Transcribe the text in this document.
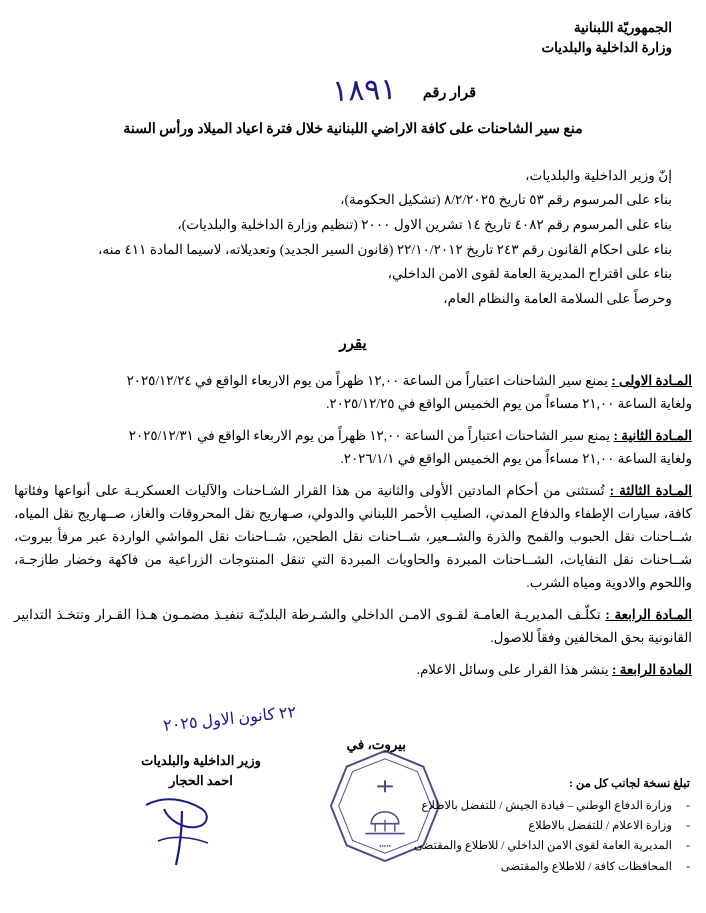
الجمهوريّة اللبنانية
وزارة الداخلية والبلديات
قرار رقم
١٨٩١
منع سير الشاحنات على كافة الاراضي اللبنانية خلال فترة اعياد الميلاد ورأس السنة
إنّ وزير الداخلية والبلديات،
بناء على المرسوم رقم ٥٣ تاريخ ٨/٢/٢٠٢٥ (تشكيل الحكومة)،
بناء على المرسوم رقم ٤٠٨٢ تاريخ ١٤ تشرين الاول ٢٠٠٠ (تنظيم وزارة الداخلية والبلديات)،
بناء على احكام القانون رقم ٢٤٣ تاريخ ٢٢/١٠/٢٠١٢ (قانون السير الجديد) وتعديلاته، لاسيما المادة ٤١١ منه،
بناء على اقتراح المديرية العامة لقوى الامن الداخلي،
وحرصاً على السلامة العامة والنظام العام،
يقرر

المـادة الاولى : يمنع سير الشاحنات اعتباراً من الساعة ١٢,٠٠ ظهراً من يوم الاربعاء الواقع في ٢٠٢٥/١٢/٢٤

ولغاية الساعة ٢١,٠٠ مساءاً من يوم الخميس الواقع في ٢٠٢٥/١٢/٢٥.

المـادة الثانية : يمنع سير الشاحنات اعتباراً من الساعة ١٢,٠٠ ظهراً من يوم الاربعاء الواقع في ٢٠٢٥/١٢/٣١

ولغاية الساعة ٢١,٠٠ مساءاً من يوم الخميس الواقع في ٢٠٢٦/١/١.

المـادة الثالثة : تُستثنى من أحكام المادتين الأولى والثانية من هذا القرار الشـاحنات والآليات العسكريـة على أنواعها وفئاتها كافة، سيارات الإطفاء والدفاع المدني، الصليب الأحمر اللبناني والدولي، صـهاريج نقل المحروقات والغاز، صــهاريج نقل المياه، شــاحنات نقل الحبوب والقمح والذرة والشــعير، شــاحنات نقل الطحين، شــاحنات نقل المواشي الواردة عبر مرفأ بيروت، شــاحنات نقل النفايات، الشــاحنات المبردة والحاويات المبردة التي تنقل المنتوجات الزراعية من فاكهة وخضار طازجـة، واللحوم والادوية ومياه الشرب.

المـادة الرابعة : تكلّـف المديريـة العامـة لقـوى الامـن الداخلي والشـرطة البلديّـة تنفيـذ مضمـون هـذا القـرار وتتخـذ التدابير القانونية بحق المخالفين وفقاً للاصول.

المادة الرابعة : ينشر هذا القرار على وسائل الاعلام.

بيروت، في
٢٢ كانون الاول ٢٠٢٥
وزير الداخلية والبلديات
احمد الحجار
•••••
تبلغ نسخة لجانب كل من :
-
وزارة الدفاع الوطني – قيادة الجيش / للتفضل بالاطلاع
-
وزارة الاعلام / للتفضل بالاطلاع
-
المديرية العامة لقوى الامن الداخلي / للاطلاع والمقتضى
-
المحافظات كافة / للاطلاع والمقتضى
